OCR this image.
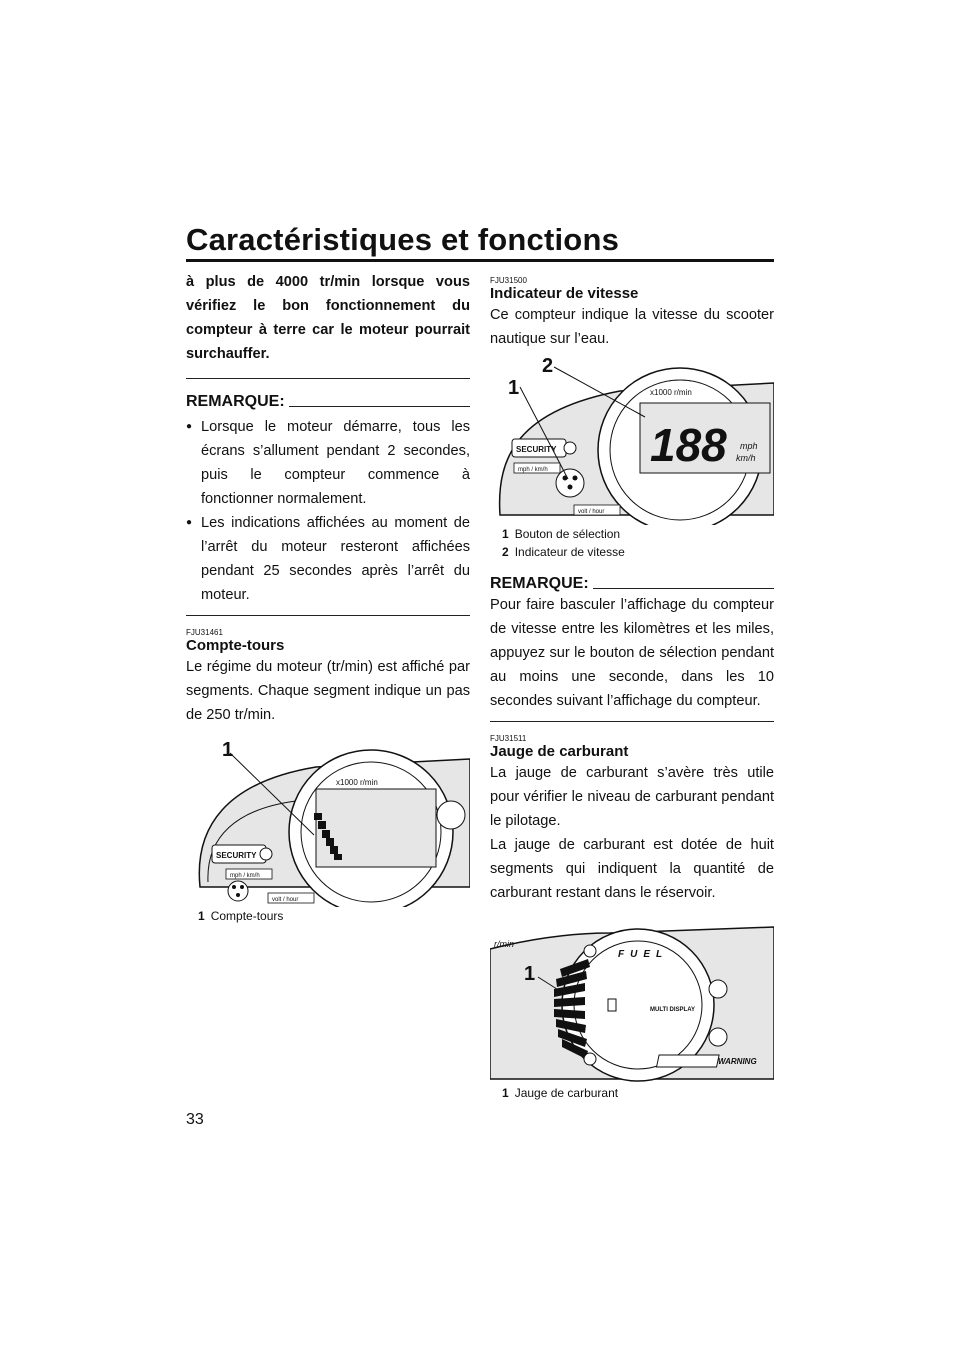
Caractéristiques et fonctions

à plus de 4000 tr/min lorsque vous vérifiez le bon fonctionnement du compteur à terre car le moteur pourrait surchauffer.

REMARQUE:
● Lorsque le moteur démarre, tous les écrans s’allument pendant 2 secondes, puis le compteur commence à fonctionner normalement.
● Les indications affichées au moment de l’arrêt du moteur resteront affichées pendant 25 secondes après l’arrêt du moteur.
FJU31461
Compte-tours

Le régime du moteur (tr/min) est affiché par segments. Chaque segment indique un pas de 250 tr/min.

1
x1000 r/min
SECURITY
mph / km/h
volt / hour
1 Compte-tours
FJU31500
Indicateur de vitesse

Ce compteur indique la vitesse du scooter nautique sur l’eau.

2
1
188 mph
km/h
x1000 r/min
SECURITY
mph / km/h
volt / hour
1 Bouton de sélection
2 Indicateur de vitesse
REMARQUE:

Pour faire basculer l’affichage du compteur de vitesse entre les kilomètres et les miles, appuyez sur le bouton de sélection pendant au moins une seconde, dans les 10 secondes suivant l’affichage du compteur.

FJU31511
Jauge de carburant

La jauge de carburant s’avère très utile pour vérifier le niveau de carburant pendant le pilotage.

La jauge de carburant est dotée de huit segments qui indiquent la quantité de carburant restant dans le réservoir.

1
r/min
FUEL
MULTI DISPLAY
WARNING
1 Jauge de carburant
33
